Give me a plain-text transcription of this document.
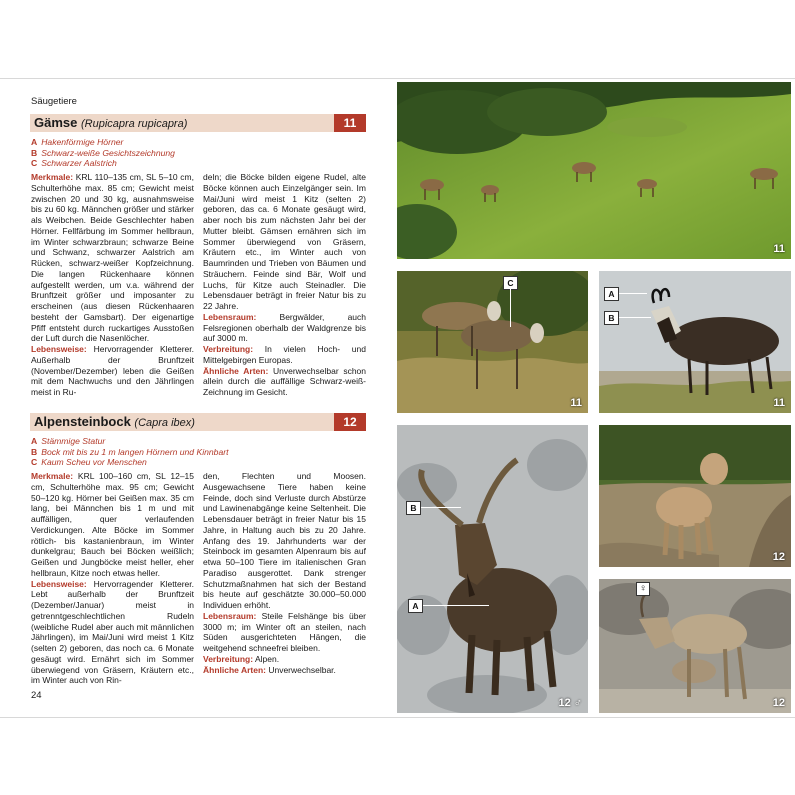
Säugetiere
Gämse (Rupicapra rupicapra)	11
A Hakenförmige Hörner
B Schwarz-weiße Gesichtszeichnung
C Schwarzer Aalstrich
Merkmale: KRL 110–135 cm, SL 5–10 cm, Schulterhöhe max. 85 cm; Gewicht meist zwischen 20 und 30 kg, ausnahmsweise bis zu 60 kg. Männchen größer und stärker als Weibchen. Beide Geschlechter haben Hörner. Fellfärbung im Sommer hellbraun, im Winter schwarzbraun; schwarze Beine und Schwanz, schwarzer Aalstrich am Rücken, schwarz-weißer Kopfzeichnung. Die langen Rückenhaare können aufgestellt werden, um v.a. während der Brunftzeit größer und imposanter zu erscheinen (aus diesen Rückenhaaren besteht der Gamsbart). Der eigenartige Pfiff entsteht durch ruckartiges Ausstoßen der Luft durch die Nasenlöcher.
Lebensweise: Hervorragender Kletterer. Außerhalb der Brunftzeit (November/Dezember) leben die Geißen mit dem Nachwuchs und den Jährlingen meist in Ru-
deln; die Böcke bilden eigene Rudel, alte Böcke können auch Einzelgänger sein. Im Mai/Juni wird meist 1 Kitz (selten 2) geboren, das ca. 6 Monate gesäugt wird, aber noch bis zum nächsten Jahr bei der Mutter bleibt. Gämsen ernähren sich im Sommer überwiegend von Gräsern, Kräutern etc., im Winter auch von Baumrinden und Trieben von Bäumen und Sträuchern. Feinde sind Bär, Wolf und Luchs, für Kitze auch Steinadler. Die Lebensdauer beträgt in freier Natur bis zu 22 Jahre.
Lebensraum: Bergwälder, auch Felsregionen oberhalb der Waldgrenze bis auf 3000 m.
Verbreitung: In vielen Hoch- und Mittelgebirgen Europas.
Ähnliche Arten: Unverwechselbar schon allein durch die auffällige Schwarz-weiß-Zeichnung im Gesicht.
Alpensteinbock (Capra ibex)	12
A Stämmige Statur
B Bock mit bis zu 1 m langen Hörnern und Kinnbart
C Kaum Scheu vor Menschen
Merkmale: KRL 100–160 cm, SL 12–15 cm, Schulterhöhe max. 95 cm; Gewicht 50–120 kg. Hörner bei Geißen max. 35 cm lang, bei Männchen bis 1 m und mit auffälligen, quer verlaufenden Verdickungen. Alte Böcke im Sommer rötlich- bis kastanienbraun, im Winter dunkelgrau; Bauch bei Böcken weißlich; Geißen und Jungböcke meist heller, eher hellbraun, Kitze noch etwas heller.
Lebensweise: Hervorragender Kletterer. Lebt außerhalb der Brunftzeit (Dezember/Januar) meist in getrenntgeschlechtlichen Rudeln (weibliche Rudel aber auch mit männlichen Jährlingen), im Mai/Juni wird meist 1 Kitz (selten 2) geboren, das noch ca. 6 Monate gesäugt wird. Ernährt sich im Sommer überwiegend von Gräsern, Kräutern etc., im Winter auch von Rin-
den, Flechten und Moosen. Ausgewachsene Tiere haben keine Feinde, doch sind Verluste durch Abstürze und Lawinenabgänge keine Seltenheit. Die Lebensdauer beträgt in freier Natur bis 15 Jahre, in Haltung auch bis zu 20 Jahre. Anfang des 19. Jahrhunderts war der Steinbock im gesamten Alpenraum bis auf etwa 50–100 Tiere im italienischen Gran Paradiso ausgerottet. Dank strenger Schutzmaßnahmen hat sich der Bestand bis heute auf geschätzte 30.000–50.000 Individuen erhöht.
Lebensraum: Steile Felshänge bis über 3000 m; im Winter oft an steilen, nach Süden ausgerichteten Hängen, die weitgehend schneefrei bleiben.
Verbreitung: Alpen.
Ähnliche Arten: Unverwechselbar.
24
11
C
11
A
B
11
B
A
12 ♂
12
♀
12
